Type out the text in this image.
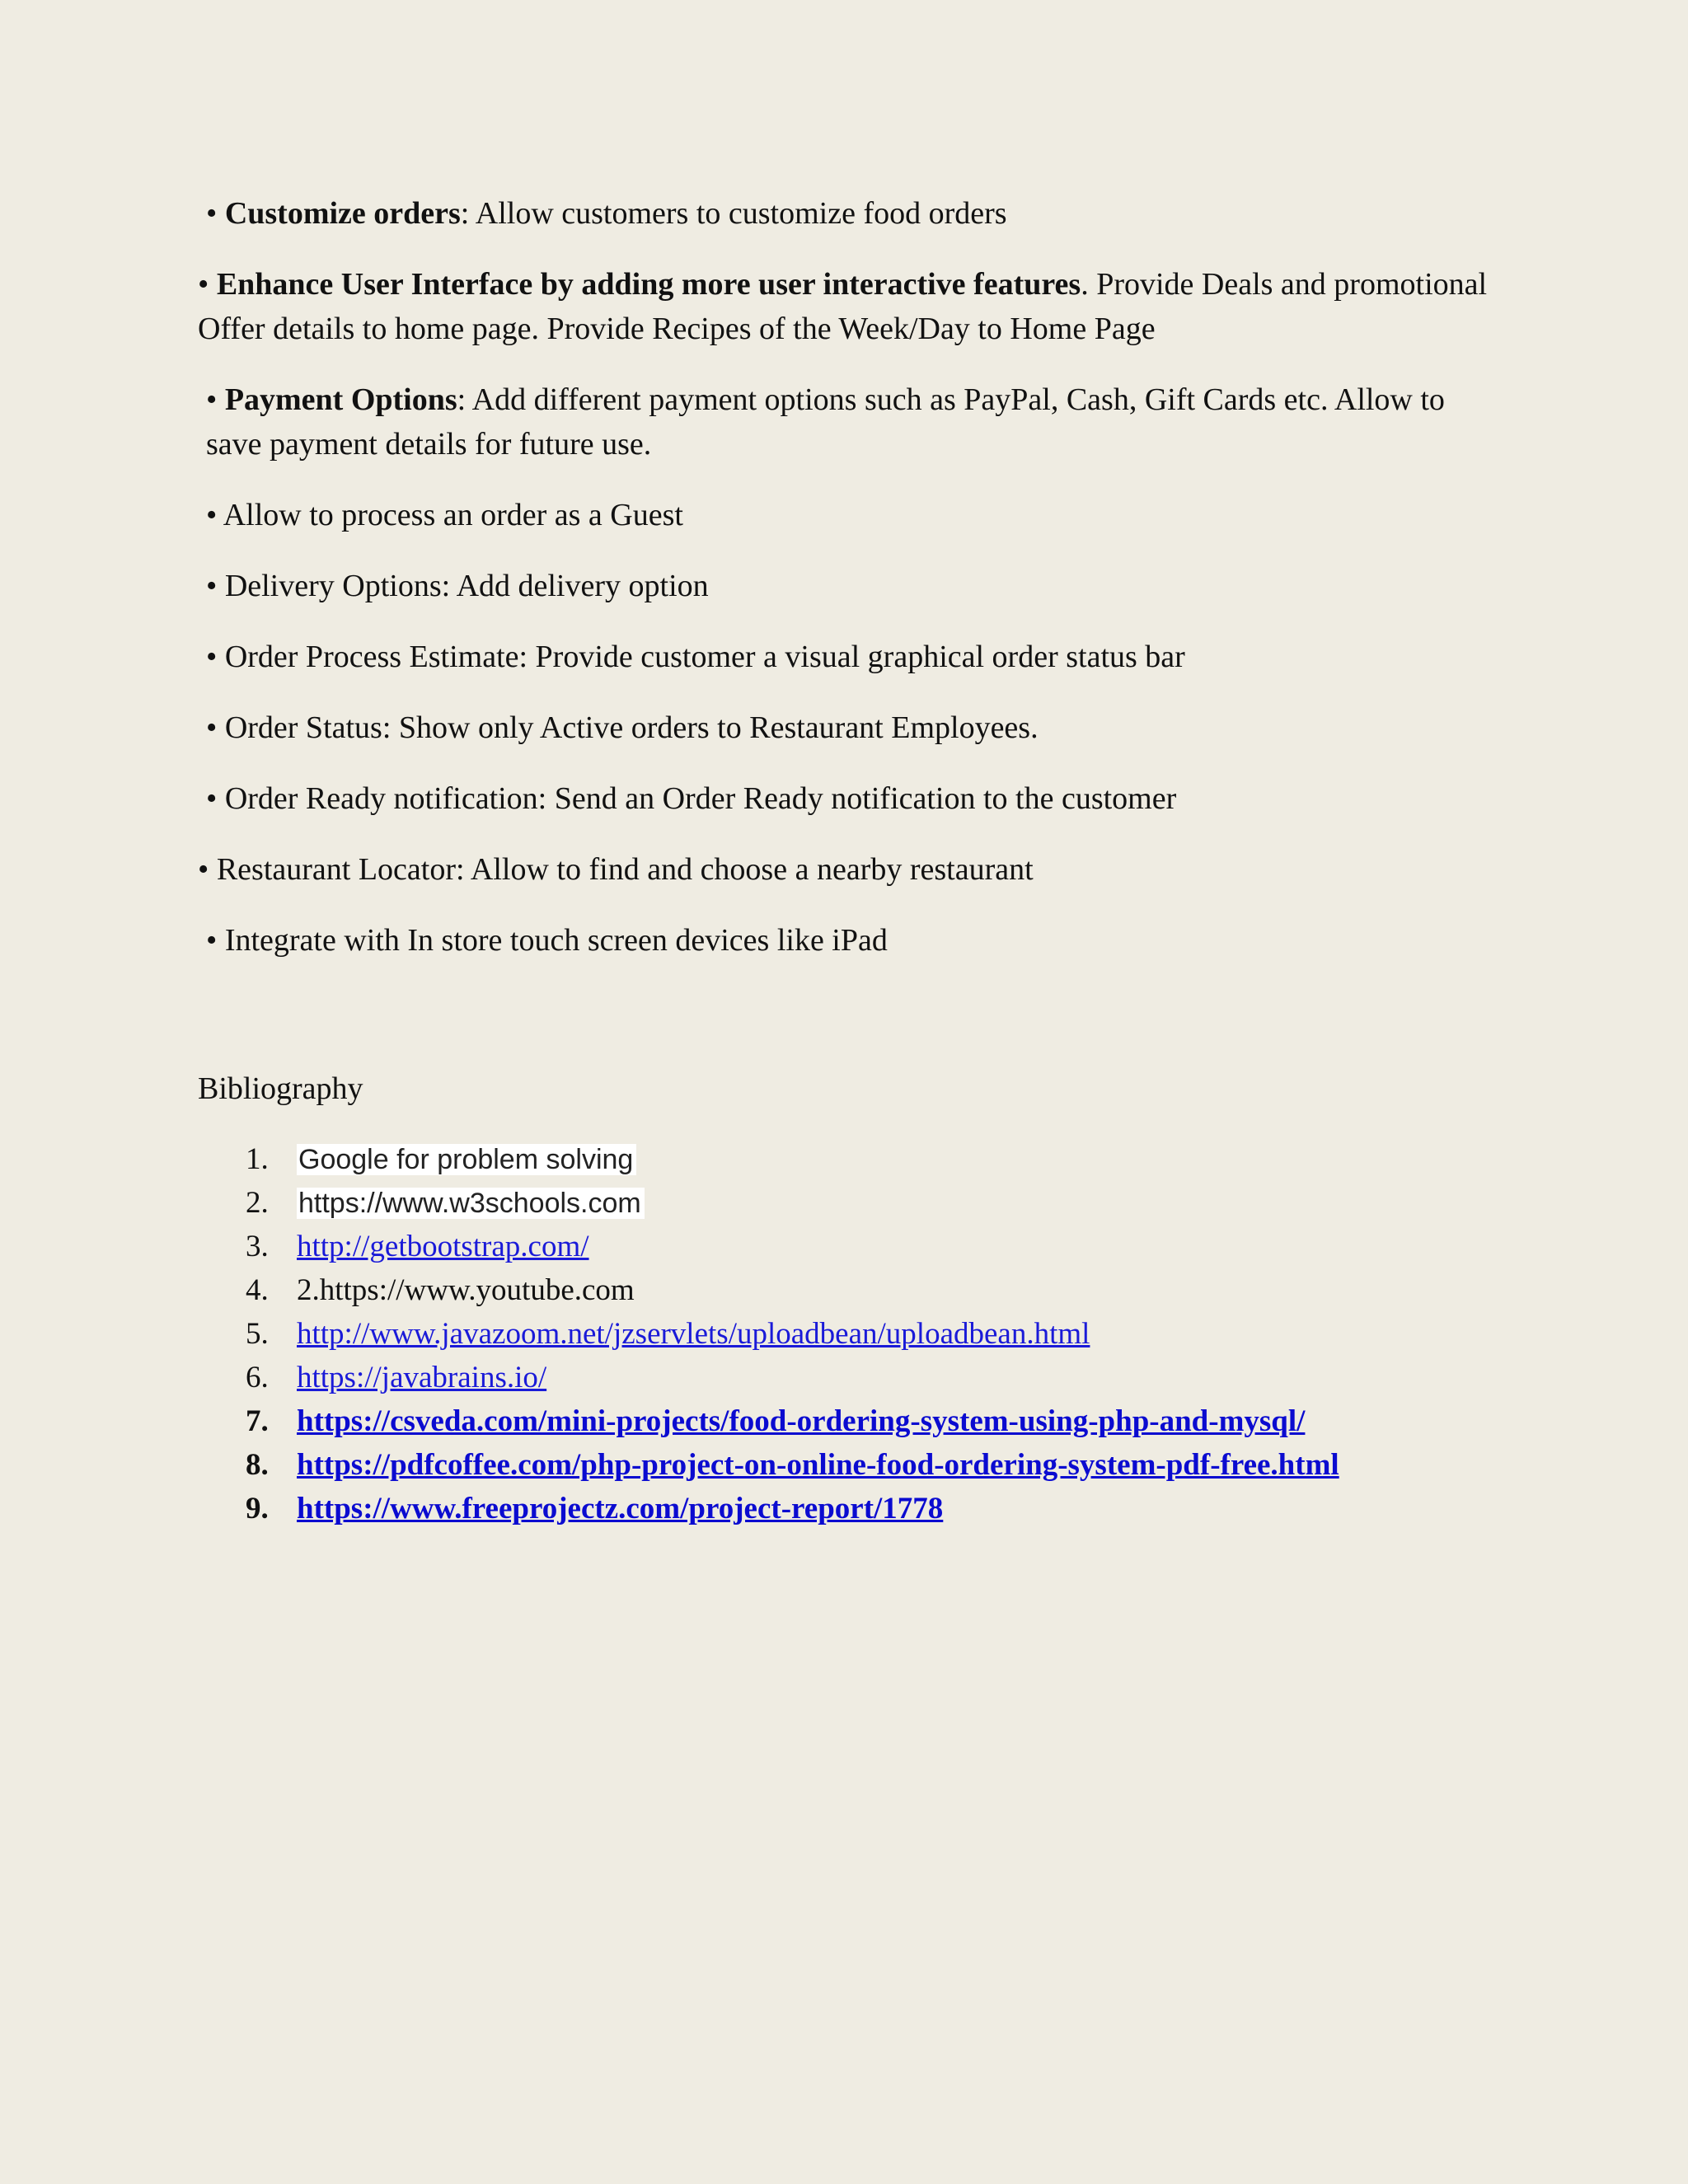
• Customize orders: Allow customers to customize food orders

• Enhance User Interface by adding more user interactive features. Provide Deals and promotional Offer details to home page. Provide Recipes of the Week/Day to Home Page

• Payment Options: Add different payment options such as PayPal, Cash, Gift Cards etc. Allow to save payment details for future use.

• Allow to process an order as a Guest

• Delivery Options: Add delivery option

• Order Process Estimate: Provide customer a visual graphical order status bar

• Order Status: Show only Active orders to Restaurant Employees.

• Order Ready notification: Send an Order Ready notification to the customer

• Restaurant Locator: Allow to find and choose a nearby restaurant

• Integrate with In store touch screen devices like iPad

Bibliography
1. Google for problem solving
2. https://www.w3schools.com
3. http://getbootstrap.com/
4. 2.https://www.youtube.com
5. http://www.javazoom.net/jzservlets/uploadbean/uploadbean.html
6. https://javabrains.io/
7. https://csveda.com/mini-projects/food-ordering-system-using-php-and-mysql/
8. https://pdfcoffee.com/php-project-on-online-food-ordering-system-pdf-free.html
9. https://www.freeprojectz.com/project-report/1778
